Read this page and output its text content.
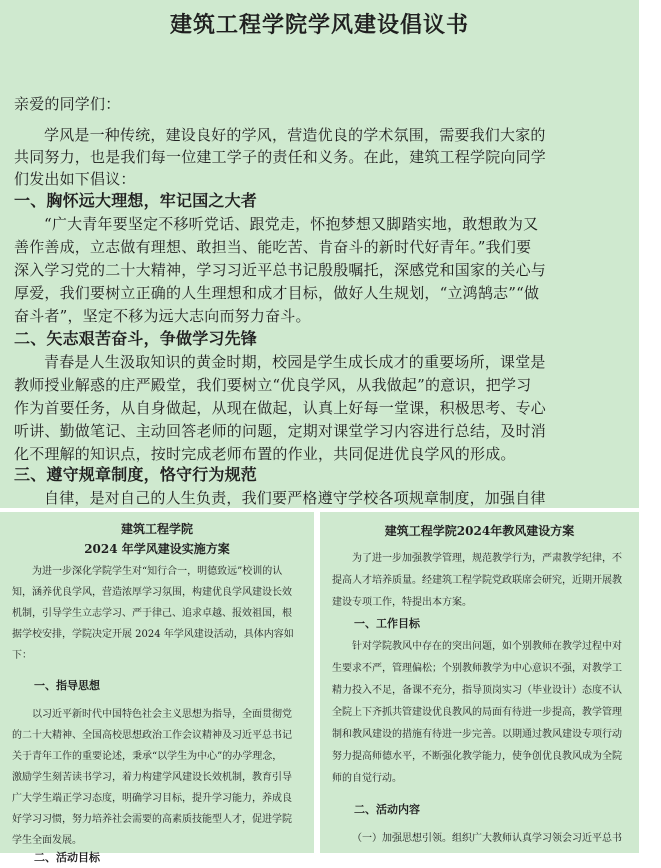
建筑工程学院学风建设倡议书
亲爱的同学们：
学风是一种传统，建设良好的学风，营造优良的学术氛围，需要我们大家的
共同努力，也是我们每一位建工学子的责任和义务。在此，建筑工程学院向同学
们发出如下倡议：
一、胸怀远大理想，牢记国之大者
“广大青年要坚定不移听党话、跟党走，怀抱梦想又脚踏实地，敢想敢为又
善作善成，立志做有理想、敢担当、能吃苦、肯奋斗的新时代好青年。”我们要
深入学习党的二十大精神，学习习近平总书记殷殷嘱托，深感党和国家的关心与
厚爱，我们要树立正确的人生理想和成才目标，做好人生规划，“立鸿鹄志”“做
奋斗者”，坚定不移为远大志向而努力奋斗。
二、矢志艰苦奋斗，争做学习先锋
青春是人生汲取知识的黄金时期，校园是学生成长成才的重要场所，课堂是
教师授业解惑的庄严殿堂，我们要树立“优良学风，从我做起”的意识，把学习
作为首要任务，从自身做起，从现在做起，认真上好每一堂课，积极思考、专心
听讲、勤做笔记、主动回答老师的问题，定期对课堂学习内容进行总结，及时消
化不理解的知识点，按时完成老师布置的作业，共同促进优良学风的形成。
三、遵守规章制度，恪守行为规范
自律，是对自己的人生负责，我们要严格遵守学校各项规章制度，加强自律
建筑工程学院
2024 年学风建设实施方案
为进一步深化学院学生对“知行合一，明德致远”校训的认
知，涵养优良学风，营造浓厚学习氛围，构建优良学风建设长效
机制，引导学生立志学习、严于律己、追求卓越、报效祖国，根
据学校安排，学院决定开展 2024 年学风建设活动，具体内容如
下：
一、指导思想
以习近平新时代中国特色社会主义思想为指导，全面贯彻党
的二十大精神、全国高校思想政治工作会议精神及习近平总书记
关于青年工作的重要论述，秉承“以学生为中心”的办学理念，
激励学生刻苦读书学习，着力构建学风建设长效机制，教育引导
广大学生端正学习态度，明确学习目标，提升学习能力，养成良
好学习习惯，努力培养社会需要的高素质技能型人才，促进学院
学生全面发展。
二、活动目标
建筑工程学院2024年教风建设方案
为了进一步加强教学管理，规范教学行为，严肃教学纪律，不
提高人才培养质量。经建筑工程学院党政联席会研究，近期开展教
建设专项工作，特提出本方案。
一、工作目标
针对学院教风中存在的突出问题，如个别教师在教学过程中对
生要求不严，管理偏松；个别教师教学为中心意识不强，对教学工
精力投入不足，备课不充分，指导顶岗实习（毕业设计）态度不认
全院上下齐抓共管建设优良教风的局面有待进一步提高，教学管理
制和教风建设的措施有待进一步完善。以期通过教风建设专项行动
努力提高师德水平，不断强化教学能力，使争创优良教风成为全院
师的自觉行动。
二、活动内容
（一）加强思想引领。组织广大教师认真学习领会习近平总书
